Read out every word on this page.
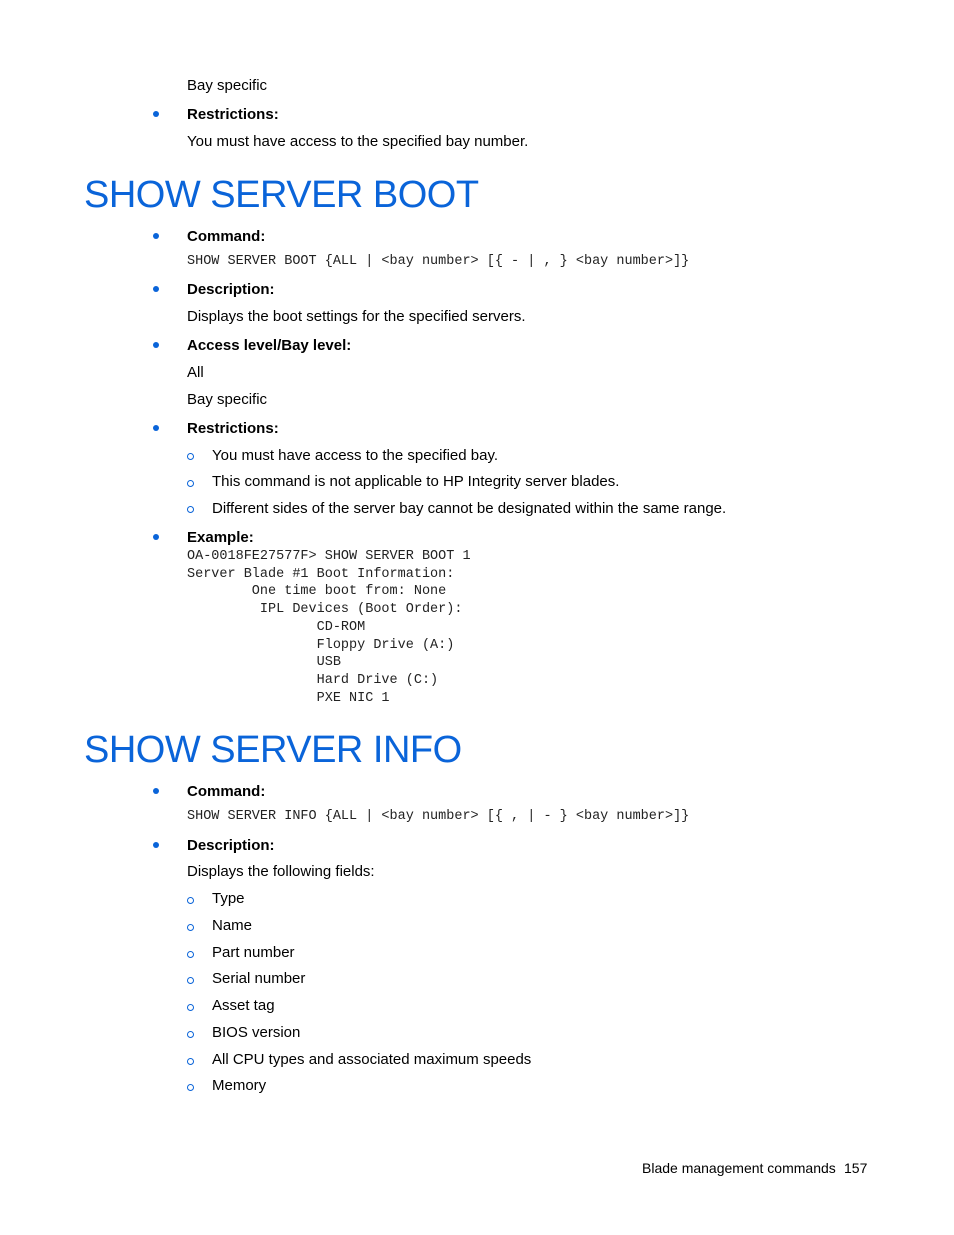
Bay specific
Restrictions:
You must have access to the specified bay number.
SHOW SERVER BOOT
Command:
SHOW SERVER BOOT {ALL | <bay number> [{ - | , } <bay number>]}
Description:
Displays the boot settings for the specified servers.
Access level/Bay level:
All
Bay specific
Restrictions:
You must have access to the specified bay.
This command is not applicable to HP Integrity server blades.
Different sides of the server bay cannot be designated within the same range.
Example:
OA-0018FE27577F> SHOW SERVER BOOT 1
Server Blade #1 Boot Information:
One time boot from: None
IPL Devices (Boot Order):
CD-ROM
Floppy Drive (A:)
USB
Hard Drive (C:)
PXE NIC 1
SHOW SERVER INFO
Command:
SHOW SERVER INFO {ALL | <bay number> [{ , | - } <bay number>]}
Description:
Displays the following fields:
Type
Name
Part number
Serial number
Asset tag
BIOS version
All CPU types and associated maximum speeds
Memory
Blade management commands 157
